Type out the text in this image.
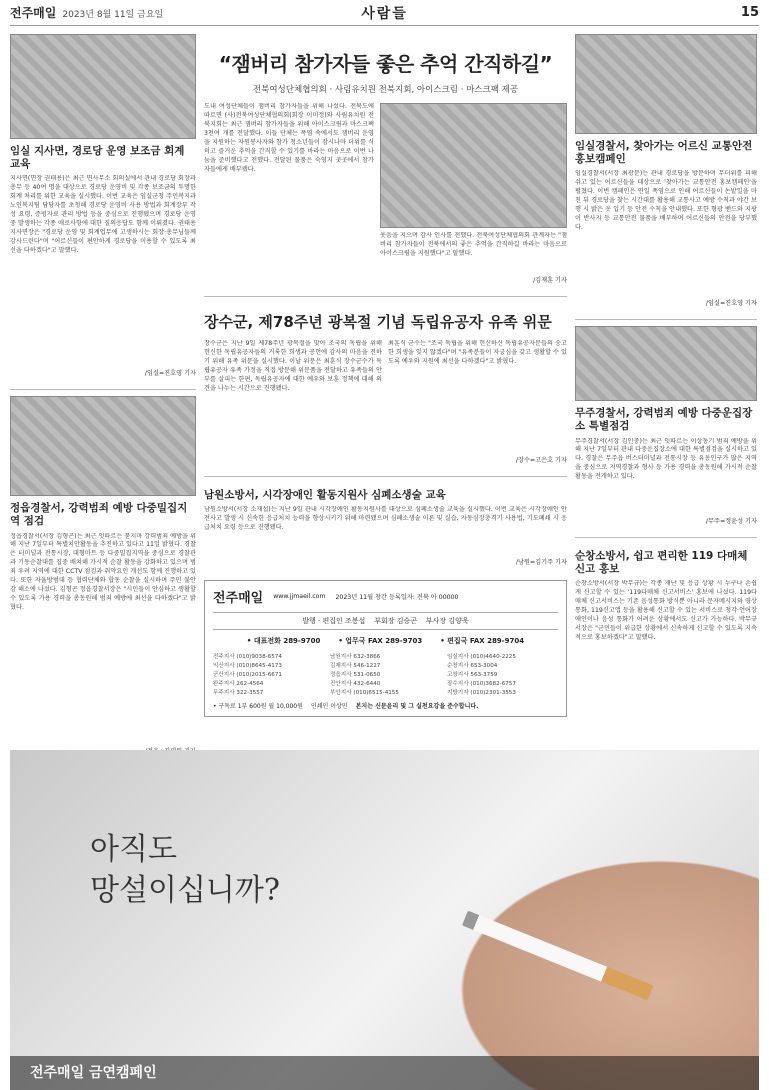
전주매일 2023년 8월 11일 금요일	사람들	15
임실 지사면, 경로당 운영 보조금 회계 교육
지사면(면장 권태용)은 최근 면사무소 회의실에서 관내 경로당 회장과 총무 등 40여 명을 대상으로 경로당 운영비 및 각종 보조금의 투명한 회계 처리를 위한 교육을 실시했다. 이번 교육은 임실군청 주민복지과 노인복지팀 담당자를 초청해 경로당 운영비 사용 방법과 회계장부 작성 요령, 증빙자료 관리 방법 등을 중심으로 진행됐으며 경로당 운영 중 발생하는 각종 애로사항에 대한 질의응답도 함께 이뤄졌다. 권태용 지사면장은 "경로당 운영 및 회계업무에 고생하시는 회장·총무님들께 감사드린다"며 "어르신들이 편안하게 경로당을 이용할 수 있도록 최선을 다하겠다"고 말했다.
/임실=진호영 기자
정읍경찰서, 강력범죄 예방 다중밀집지역 점검
정읍경찰서(서장 김형곤)는 최근 잇따르는 묻지마 강력범죄 예방을 위해 지난 7일부터 특별치안활동을 추진하고 있다고 11일 밝혔다. 경찰은 터미널과 전통시장, 대형마트 등 다중밀집지역을 중심으로 경찰관과 기동순찰대를 집중 배치해 가시적 순찰 활동을 강화하고 있으며 범죄 우려 지역에 대한 CCTV 점검과 취약요인 개선도 함께 진행하고 있다. 또한 자율방범대 등 협력단체와 합동 순찰을 실시하며 주민 불안감 해소에 나섰다. 김형곤 정읍경찰서장은 "시민들이 안심하고 생활할 수 있도록 가용 경력을 총동원해 범죄 예방에 최선을 다하겠다"고 밝혔다.
“잼버리 참가자들 좋은 추억 간직하길”
전북여성단체협의회 · 사림유치원 전북지회, 아이스크림 · 마스크팩 제공
도내 여성단체들이 잼버리 참가자들을 위해 나섰다. 전북도에 따르면 (사)전북여성단체협의회(회장 이미정)와 사림유치원 전북지회는 최근 잼버리 참가자들을 위해 아이스크림과 마스크팩 3천여 개를 전달했다. 이들 단체는 폭염 속에서도 잼버리 운영을 지원하는 자원봉사자와 참가 청소년들이 잠시나마 더위를 식히고 즐거운 추억을 간직할 수 있기를 바라는 마음으로 이번 나눔을 준비했다고 전했다. 전달된 물품은 숙영지 곳곳에서 참가자들에게 배부됐다.
웃음을 지으며 감사 인사를 전했다. 전북여성단체협의회 관계자는 "잼버리 참가자들이 전북에서의 좋은 추억을 간직하길 바라는 마음으로 아이스크림을 지원했다"고 말했다.
/김재훈 기자
장수군, 제78주년 광복절 기념 독립유공자 유족 위문
장수군은 지난 9일 제78주년 광복절을 맞아 조국의 독립을 위해 헌신한 독립유공자들의 거룩한 희생과 공헌에 감사의 마음을 전하기 위해 유족 위문을 실시했다. 이날 위문은 최훈식 장수군수가 독립유공자 유족 가정을 직접 방문해 위문품을 전달하고 유족들의 안부를 살피는 한편, 독립유공자에 대한 예우와 보훈 정책에 대해 의견을 나누는 시간으로 진행됐다.
최훈식 군수는 "조국 독립을 위해 헌신하신 독립유공자분들의 숭고한 희생을 잊지 않겠다"며 "유족분들이 자긍심을 갖고 생활할 수 있도록 예우와 지원에 최선을 다하겠다"고 밝혔다.
/장수=고은호 기자
남원소방서, 시각장애인 활동지원사 심폐소생술 교육
남원소방서(서장 소재섭)는 지난 9일 관내 시각장애인 활동지원사를 대상으로 심폐소생술 교육을 실시했다. 이번 교육은 시각장애인 안전사고 발생 시 신속한 응급처치 능력을 향상시키기 위해 마련됐으며 심폐소생술 이론 및 실습, 자동심장충격기 사용법, 기도폐쇄 시 응급처치 요령 등으로 진행됐다.
/남원=김기주 기자
전주매일 www.jjmaeil.com 2023년 11월 창간 등록일자: 전북 아 00000
발행 · 편집인 조봉섭 부회장 김승곤 부사장 김양욱
• 대표전화 289-9700	• 업무국 FAX 289-9703	• 편집국 FAX 289-9704
전주지사 (010)9038-6574	남원지사 632-3866	임실지사 (010)4640-2225
익산지사 (010)8645-4173	김제지사 546-1227	순창지사 653-3004
군산지사 (010)2015-6671	정읍지사 531-0650	고창지사 563-3759
완주지사 262-4564	진안지사 432-6440	장수지사 (010)3682-6757
무주지사 322-3557	부안지사 (010)6515-4155	지방기자 (010)2301-3553
• 구독료 1부 600원 월 10,000원 인쇄인 이상민 본지는 신문윤리 및 그 실천요강을 준수합니다.
임실경찰서, 찾아가는 어르신 교통안전 홍보캠페인
임실경찰서(서장 최광문)는 관내 경로당을 방문하며 무더위를 피해 쉬고 있는 어르신들을 대상으로 '찾아가는 교통안전 홍보캠페인'을 펼쳤다. 이번 캠페인은 연일 폭염으로 인해 어르신들이 논밭일을 마친 뒤 경로당을 찾는 시간대를 활용해 교통사고 예방 수칙과 야간 보행 시 밝은 옷 입기 등 안전 수칙을 안내했다. 또한 형광 밴드와 지팡이 반사지 등 교통안전 물품을 배부하며 어르신들의 안전을 당부했다.
/임실=진호영 기자
무주경찰서, 강력범죄 예방 다중운집장소 특별점검
무주경찰서(서장 김인중)는 최근 잇따르는 이상동기 범죄 예방을 위해 지난 7일부터 관내 다중운집장소에 대한 특별점검을 실시하고 있다. 경찰은 무주읍 버스터미널과 전통시장 등 유동인구가 많은 지역을 중심으로 지역경찰과 형사 등 가용 경력을 총동원해 가시적 순찰 활동을 전개하고 있다.
/무주=정윤성 기자
순창소방서, 쉽고 편리한 119 다매체 신고 홍보
순창소방서(서장 박무규)는 각종 재난 및 응급 상황 시 누구나 손쉽게 신고할 수 있는 '119다매체 신고서비스' 홍보에 나섰다. 119다매체 신고서비스는 기존 음성통화 방식뿐 아니라 문자메시지와 영상통화, 119신고앱 등을 활용해 신고할 수 있는 서비스로 청각·언어장애인이나 음성 통화가 어려운 상황에서도 신고가 가능하다. 박무규 서장은 "군민들이 위급한 상황에서 신속하게 신고할 수 있도록 지속적으로 홍보하겠다"고 말했다.
아직도
망설이십니까?
전주매일 금연캠페인
